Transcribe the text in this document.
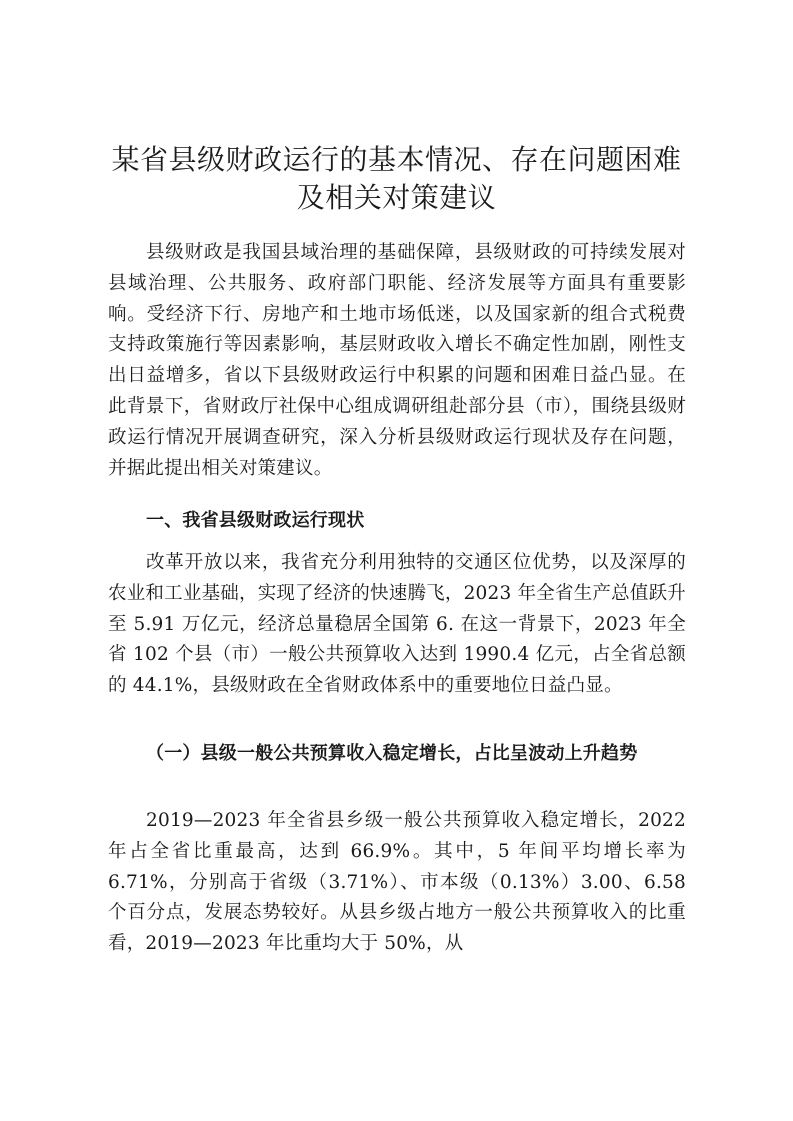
某省县级财政运行的基本情况、存在问题困难
及相关对策建议

县级财政是我国县域治理的基础保障，县级财政的可持续发展对县域治理、公共服务、政府部门职能、经济发展等方面具有重要影响。受经济下行、房地产和土地市场低迷，以及国家新的组合式税费支持政策施行等因素影响，基层财政收入增长不确定性加剧，刚性支出日益增多，省以下县级财政运行中积累的问题和困难日益凸显。在此背景下，省财政厅社保中心组成调研组赴部分县（市），围绕县级财政运行情况开展调查研究，深入分析县级财政运行现状及存在问题，并据此提出相关对策建议。

一、我省县级财政运行现状

改革开放以来，我省充分利用独特的交通区位优势，以及深厚的农业和工业基础，实现了经济的快速腾飞，2023 年全省生产总值跃升至 5.91 万亿元，经济总量稳居全国第 6. 在这一背景下，2023 年全省 102 个县（市）一般公共预算收入达到 1990.4 亿元，占全省总额的 44.1%，县级财政在全省财政体系中的重要地位日益凸显。

（一）县级一般公共预算收入稳定增长，占比呈波动上升趋势

2019—2023 年全省县乡级一般公共预算收入稳定增长，2022 年占全省比重最高，达到 66.9%。其中，5 年间平均增长率为 6.71%，分别高于省级（3.71%）、市本级（0.13%）3.00、6.58 个百分点，发展态势较好。从县乡级占地方一般公共预算收入的比重看，2019—2023 年比重均大于 50%，从
